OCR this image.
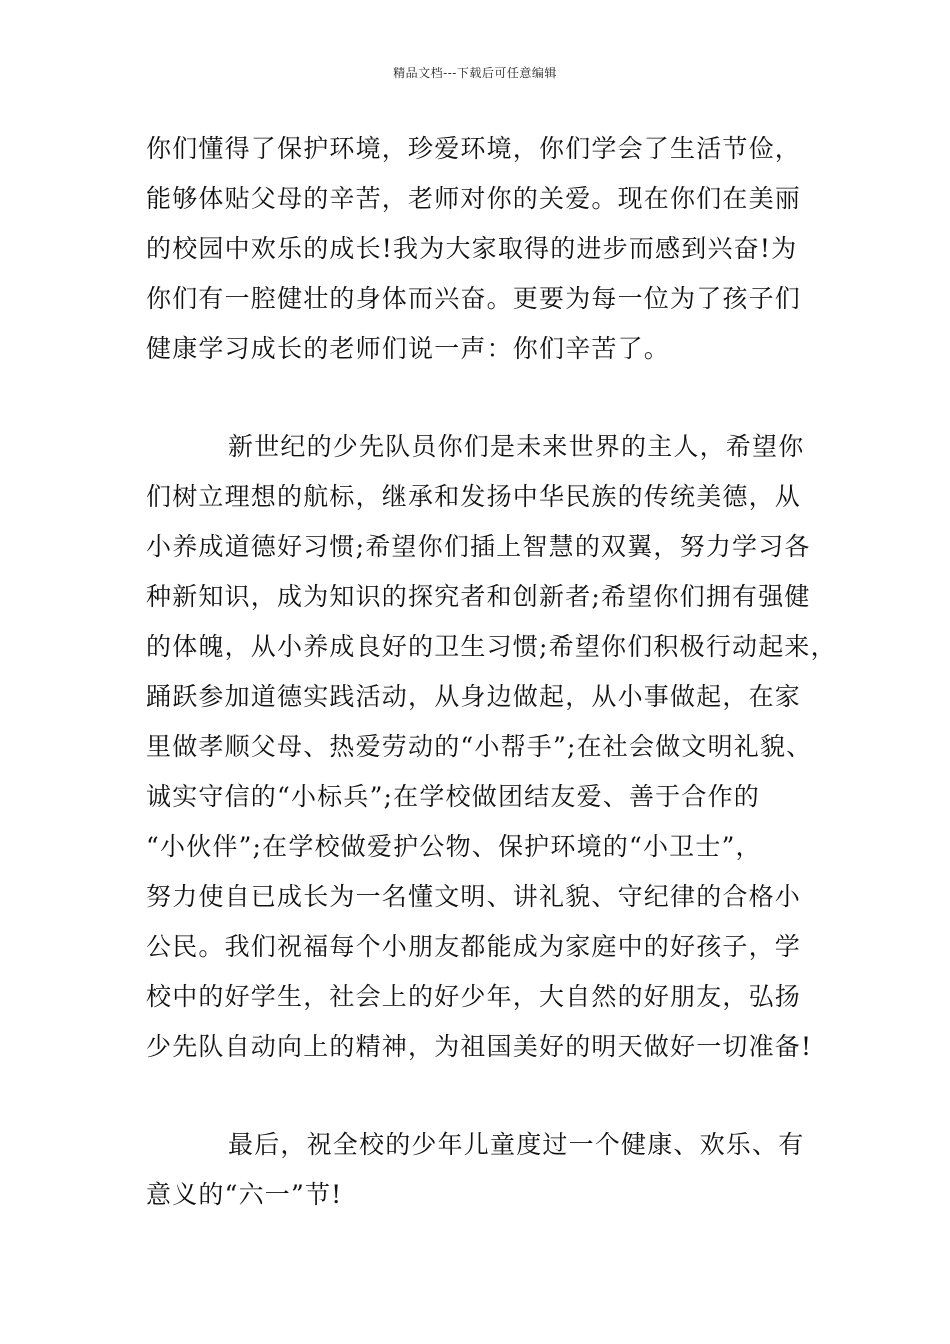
精品文档---下载后可任意编辑
你们懂得了保护环境，珍爱环境，你们学会了生活节俭，
能够体贴父母的辛苦，老师对你的关爱。现在你们在美丽
的校园中欢乐的成长!我为大家取得的进步而感到兴奋!为
你们有一腔健壮的身体而兴奋。更要为每一位为了孩子们
健康学习成长的老师们说一声：你们辛苦了。
新世纪的少先队员你们是未来世界的主人，希望你
们树立理想的航标，继承和发扬中华民族的传统美德，从
小养成道德好习惯;希望你们插上智慧的双翼，努力学习各
种新知识，成为知识的探究者和创新者;希望你们拥有强健
的体魄，从小养成良好的卫生习惯;希望你们积极行动起来，
踊跃参加道德实践活动，从身边做起，从小事做起，在家
里做孝顺父母、热爱劳动的“小帮手”;在社会做文明礼貌、
诚实守信的“小标兵”;在学校做团结友爱、善于合作的
“小伙伴”;在学校做爱护公物、保护环境的“小卫士”，
努力使自已成长为一名懂文明、讲礼貌、守纪律的合格小
公民。我们祝福每个小朋友都能成为家庭中的好孩子，学
校中的好学生，社会上的好少年，大自然的好朋友，弘扬
少先队自动向上的精神，为祖国美好的明天做好一切准备!
最后，祝全校的少年儿童度过一个健康、欢乐、有
意义的“六一”节!
